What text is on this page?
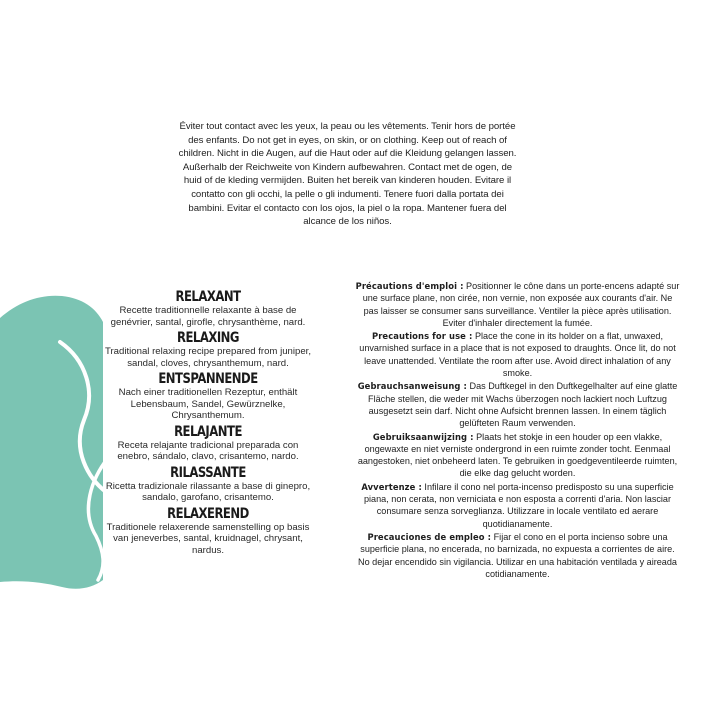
Éviter tout contact avec les yeux, la peau ou les vêtements. Tenir hors de portée des enfants. Do not get in eyes, on skin, or on clothing. Keep out of reach of children. Nicht in die Augen, auf die Haut oder auf die Kleidung gelangen lassen. Außerhalb der Reichweite von Kindern aufbewahren. Contact met de ogen, de huid of de kleding vermijden. Buiten het bereik van kinderen houden. Evitare il contatto con gli occhi, la pelle o gli indumenti. Tenere fuori dalla portata dei bambini. Evitar el contacto con los ojos, la piel o la ropa. Mantener fuera del alcance de los niños.
RELAXANT
Recette traditionnelle relaxante à base de genévrier, santal, girofle, chrysanthème, nard.
RELAXING
Traditional relaxing recipe prepared from juniper, sandal, cloves, chrysanthemum, nard.
ENTSPANNENDE
Nach einer traditionellen Rezeptur, enthält Lebensbaum, Sandel, Gewürznelke, Chrysanthemum.
RELAJANTE
Receta relajante tradicional preparada con enebro, sándalo, clavo, crisantemo, nardo.
RILASSANTE
Ricetta tradizionale rilassante a base di ginepro, sandalo, garofano, crisantemo.
RELAXEREND
Traditionele relaxerende samenstelling op basis van jeneverbes, santal, kruidnagel, chrysant, nardus.

Précautions d'emploi : Positionner le cône dans un porte-encens adapté sur une surface plane, non cirée, non vernie, non exposée aux courants d'air. Ne pas laisser se consumer sans surveillance. Ventiler la pièce après utilisation. Eviter d'inhaler directement la fumée.

Precautions for use : Place the cone in its holder on a flat, unwaxed, unvarnished surface in a place that is not exposed to draughts. Once lit, do not leave unattended. Ventilate the room after use. Avoid direct inhalation of any smoke.

Gebrauchsanweisung : Das Duftkegel in den Duftkegelhalter auf eine glatte Fläche stellen, die weder mit Wachs überzogen noch lackiert noch Luftzug ausgesetzt sein darf. Nicht ohne Aufsicht brennen lassen. In einem täglich gelüfteten Raum verwenden.

Gebruiksaanwijzing : Plaats het stokje in een houder op een vlakke, ongewaxte en niet verniste ondergrond in een ruimte zonder tocht. Eenmaal aangestoken, niet onbeheerd laten. Te gebruiken in goedgeventileerde ruimten, die elke dag gelucht worden.

Avvertenze : Infilare il cono nel porta-incenso predisposto su una superficie piana, non cerata, non verniciata e non esposta a correnti d'aria. Non lasciar consumare senza sorveglianza. Utilizzare in locale ventilato ed aerare quotidianamente.

Precauciones de empleo : Fijar el cono en el porta incienso sobre una superficie plana, no encerada, no barnizada, no expuesta a corrientes de aire. No dejar encendido sin vigilancia. Utilizar en una habitación ventilada y aireada cotidianamente.
